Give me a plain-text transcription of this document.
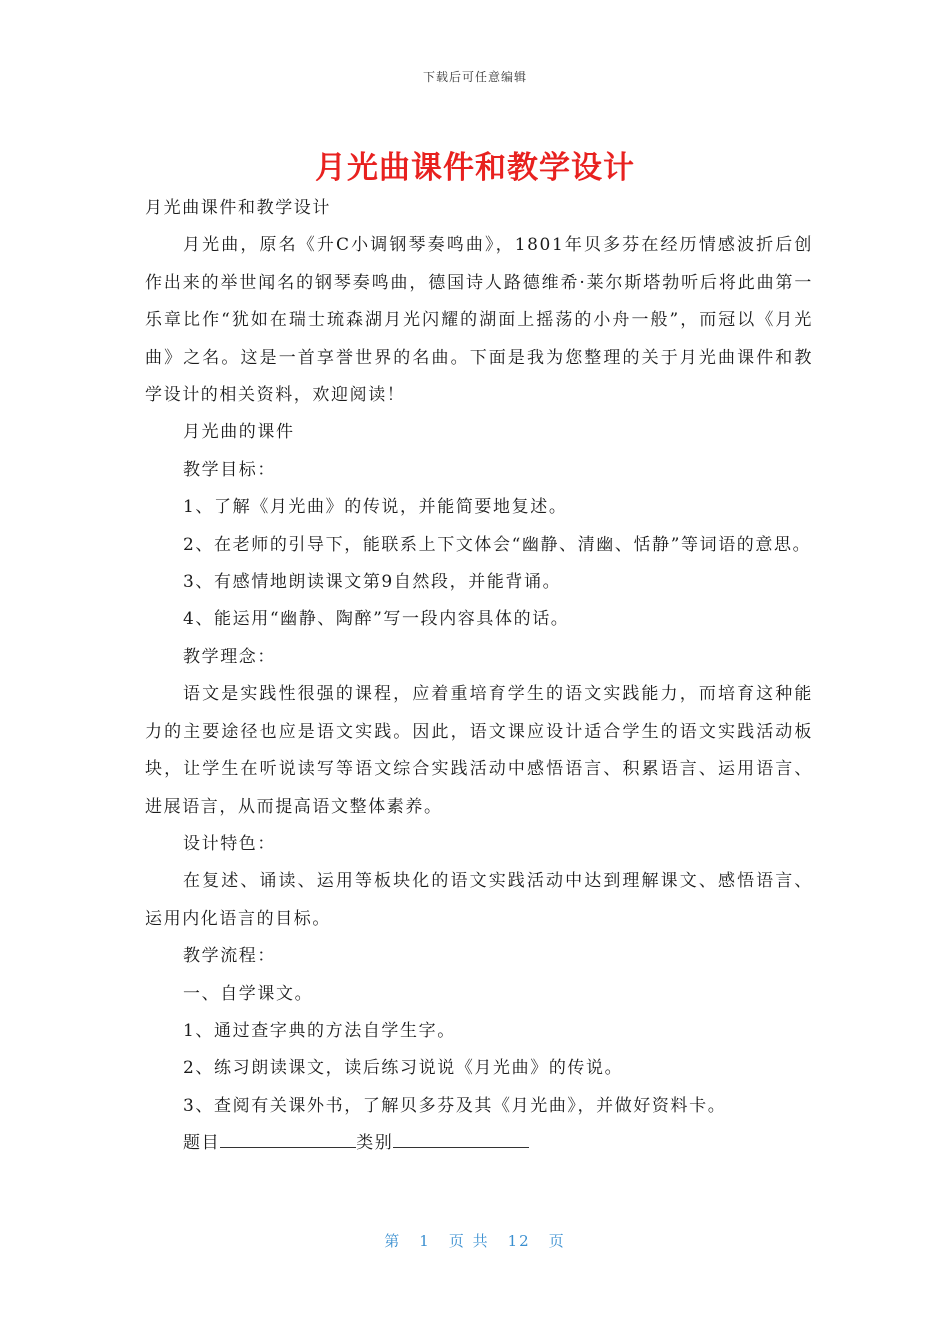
下载后可任意编辑
月光曲课件和教学设计

月光曲课件和教学设计

月光曲，原名《升C小调钢琴奏鸣曲》，1801年贝多芬在经历情感波折后创作出来的举世闻名的钢琴奏鸣曲，德国诗人路德维希·莱尔斯塔勃听后将此曲第一乐章比作“犹如在瑞士琉森湖月光闪耀的湖面上摇荡的小舟一般”，而冠以《月光曲》之名。这是一首享誉世界的名曲。下面是我为您整理的关于月光曲课件和教学设计的相关资料，欢迎阅读！

月光曲的课件

教学目标：

1、了解《月光曲》的传说，并能简要地复述。

2、在老师的引导下，能联系上下文体会“幽静、清幽、恬静”等词语的意思。

3、有感情地朗读课文第9自然段，并能背诵。

4、能运用“幽静、陶醉”写一段内容具体的话。

教学理念：

语文是实践性很强的课程，应着重培育学生的语文实践能力，而培育这种能力的主要途径也应是语文实践。因此，语文课应设计适合学生的语文实践活动板块，让学生在听说读写等语文综合实践活动中感悟语言、积累语言、运用语言、进展语言，从而提高语文整体素养。

设计特色：

在复述、诵读、运用等板块化的语文实践活动中达到理解课文、感悟语言、运用内化语言的目标。

教学流程：

一、自学课文。

1、通过查字典的方法自学生字。

2、练习朗读课文，读后练习说说《月光曲》的传说。

3、查阅有关课外书，了解贝多芬及其《月光曲》，并做好资料卡。

题目	类别

第 1 页 共 12 页
